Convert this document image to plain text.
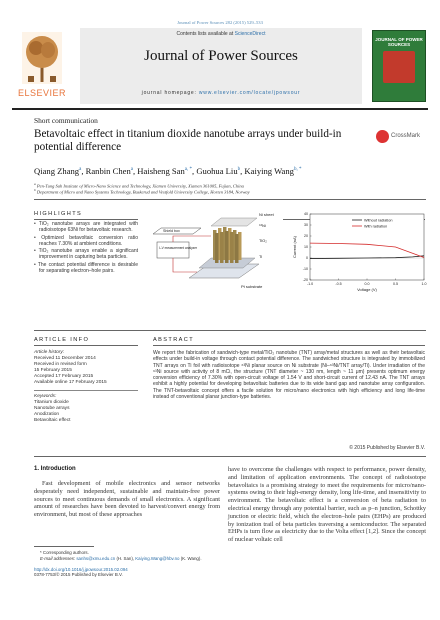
Journal of Power Sources 282 (2015) 529–533
ELSEVIER
Contents lists available at ScienceDirect
Journal of Power Sources
journal homepage: www.elsevier.com/locate/jpowsour
JOURNAL OF POWER SOURCES
Short communication
Betavoltaic effect in titanium dioxide nanotube arrays under build-in potential difference
CrossMark
Qiang Zhang$^a$, Ranbin Chen$^a$, Haisheng San$^{a, *}$, Guohua Liu$^b$, Kaiying Wang$^{b, *}$
$^a$ Pen-Tung Sah Institute of Micro-Nano Science and Technology, Xiamen University, Xiamen 361005, Fujian, China
$^b$ Department of Micro and Nano Systems Technology, Buskerud and Vestfold University College, Horten 3184, Norway
HIGHLIGHTS
• TiO₂ nanotube arrays are integrated with radioisotope 63Ni for betavoltaic research.
• Optimized betavoltaic conversion ratio reaches 7.30% at ambient conditions.
• TiO₂ nanotube arrays enable a significant improvement in capturing beta particles.
• The contact potential difference is desirable for separating electron–hole pairs.
Ni sheet
⁶³Ni
TiO₂
Ti
Pt substrate
Shield box
I–V measurement analyzer
-1.0	-0.5	0.0	0.5	1.0
-20
-10
0
10
20
30
40
Voltage (V)
Current (nA)
Without radiation
With radiation
ARTICLE INFO	ABSTRACT
Article history:
Received 11 December 2014
Received in revised form
15 February 2015
Accepted 17 February 2015
Available online 17 February 2015
Keywords:
Titanium dioxide
Nanotube arrays
Anodization
Betavoltaic effect
We report the fabrication of sandwich-type metal/TiO₂ nanotube (TNT) array/metal structures as well as their betavoltaic effects under build-in voltage through contact potential difference. The sandwiched structure is integrated by immobilized TNT arrays on Ti foil with radioisotope ⁶³Ni planar source on Ni substrate (Ni–⁶³Ni/TNT array/Ti). Under irradiation of the ⁶³Ni source with activity of 8 mCi, the structure (TNT diameter ~ 130 nm, length ~ 11 μm) presents optimum energy conversion efficiency of 7.30% with open-circuit voltage of 1.54 V and short-circuit current of 12.43 nA. The TNT arrays exhibit a highly potential for developing betavoltaic batteries due to its wide band gap and nanotube array configuration. The TNT-betavoltaic concept offers a facile solution for micro/nano electronics with high efficiency and long life-time instead of conventional planar junction-type batteries.
© 2015 Published by Elsevier B.V.
1. Introduction
Fast development of mobile electronics and sensor networks desperately need independent, sustainable and maintain-free power sources to meet continuous demands of small electronics. A significant amount of researches have been devoted to harvest/convert energy from environment, but most of these approaches
have to overcome the challenges with respect to performance, power density, and limitation of application environments. The concept of radioisotope betavoltaics is a promising strategy to meet the requirements for micro/nano-systems owing to their high-energy density, long life-time, and insensitivity to environment. The betavoltaic effect is a conversion of beta radiation to electrical energy through any potential barrier, such as p–n junction, Schottky junction or electric field, which the electron–hole pairs (EHPs) are produced by ionization trail of beta particles traversing a semiconductor. The separated EHPs is turn flow as electricity due to the Volta effect [1,2]. Since the concept of nuclear voltaic cell
* Corresponding authors.
E-mail addresses: sanhs@xmu.edu.cn (H. San), Kaiying.Wang@hbv.no (K. Wang).
http://dx.doi.org/10.1016/j.jpowsour.2015.02.094
0378-7753/© 2015 Published by Elsevier B.V.
